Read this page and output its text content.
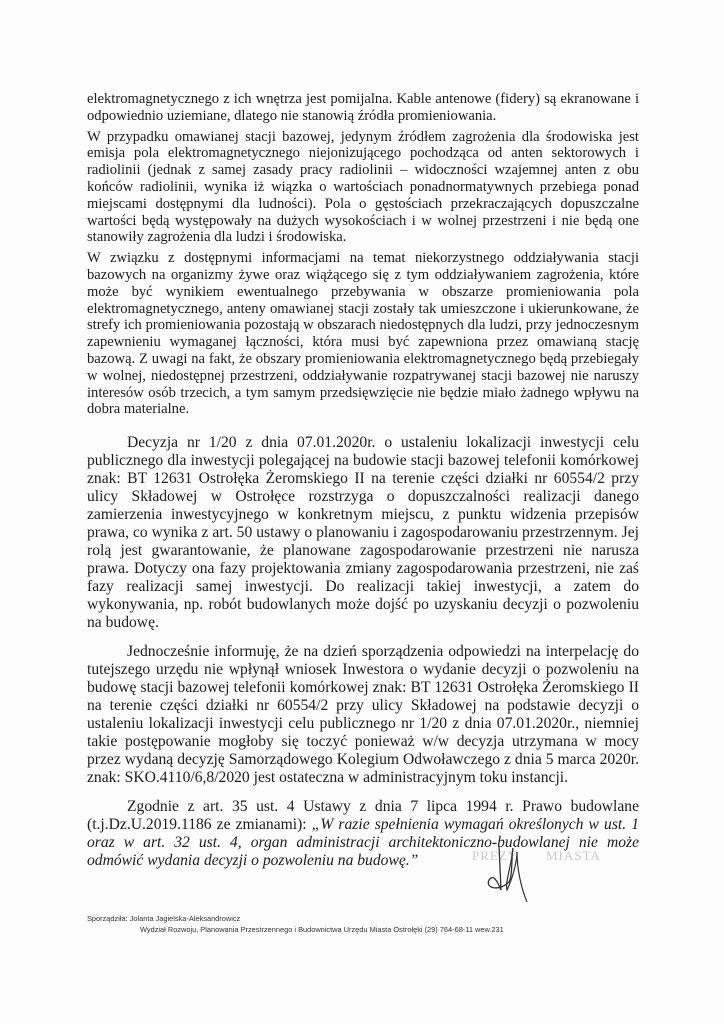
elektromagnetycznego z ich wnętrza jest pomijalna. Kable antenowe (fidery) są ekranowane i odpowiednio uziemiane, dlatego nie stanowią źródła promieniowania.

W przypadku omawianej stacji bazowej, jedynym źródłem zagrożenia dla środowiska jest emisja pola elektromagnetycznego niejonizującego pochodząca od anten sektorowych i radiolinii (jednak z samej zasady pracy radiolinii – widoczności wzajemnej anten z obu końców radiolinii, wynika iż wiązka o wartościach ponadnormatywnych przebiega ponad miejscami dostępnymi dla ludności). Pola o gęstościach przekraczających dopuszczalne wartości będą występowały na dużych wysokościach i w wolnej przestrzeni i nie będą one stanowiły zagrożenia dla ludzi i środowiska.

W związku z dostępnymi informacjami na temat niekorzystnego oddziaływania stacji bazowych na organizmy żywe oraz wiążącego się z tym oddziaływaniem zagrożenia, które może być wynikiem ewentualnego przebywania w obszarze promieniowania pola elektromagnetycznego, anteny omawianej stacji zostały tak umieszczone i ukierunkowane, że strefy ich promieniowania pozostają w obszarach niedostępnych dla ludzi, przy jednoczesnym zapewnieniu wymaganej łączności, która musi być zapewniona przez omawianą stację bazową. Z uwagi na fakt, że obszary promieniowania elektromagnetycznego będą przebiegały w wolnej, niedostępnej przestrzeni, oddziaływanie rozpatrywanej stacji bazowej nie naruszy interesów osób trzecich, a tym samym przedsięwzięcie nie będzie miało żadnego wpływu na dobra materialne.

Decyzja nr 1/20 z dnia 07.01.2020r. o ustaleniu lokalizacji inwestycji celu publicznego dla inwestycji polegającej na budowie stacji bazowej telefonii komórkowej znak: BT 12631 Ostrołęka Żeromskiego II na terenie części działki nr 60554/2 przy ulicy Składowej w Ostrołęce rozstrzyga o dopuszczalności realizacji danego zamierzenia inwestycyjnego w konkretnym miejscu, z punktu widzenia przepisów prawa, co wynika z art. 50 ustawy o planowaniu i zagospodarowaniu przestrzennym. Jej rolą jest gwarantowanie, że planowane zagospodarowanie przestrzeni nie narusza prawa. Dotyczy ona fazy projektowania zmiany zagospodarowania przestrzeni, nie zaś fazy realizacji samej inwestycji. Do realizacji takiej inwestycji, a zatem do wykonywania, np. robót budowlanych może dojść po uzyskaniu decyzji o pozwoleniu na budowę.

Jednocześnie informuję, że na dzień sporządzenia odpowiedzi na interpelację do tutejszego urzędu nie wpłynął wniosek Inwestora o wydanie decyzji o pozwoleniu na budowę stacji bazowej telefonii komórkowej znak: BT 12631 Ostrołęka Żeromskiego II na terenie części działki nr 60554/2 przy ulicy Składowej na podstawie decyzji o ustaleniu lokalizacji inwestycji celu publicznego nr 1/20 z dnia 07.01.2020r., niemniej takie postępowanie mogłoby się toczyć ponieważ w/w decyzja utrzymana w mocy przez wydaną decyzję Samorządowego Kolegium Odwoławczego z dnia 5 marca 2020r. znak: SKO.4110/6,8/2020 jest ostateczna w administracyjnym toku instancji.

Zgodnie z art. 35 ust. 4 Ustawy z dnia 7 lipca 1994 r. Prawo budowlane (t.j.Dz.U.2019.1186 ze zmianami): „W razie spełnienia wymagań określonych w ust. 1 oraz w art. 32 ust. 4, organ administracji architektoniczno-budowlanej nie może odmówić wydania decyzji o pozwoleniu na budowę.”	PREZY MIASTA
Sporządziła: Jolanta Jagielska-Aleksandrowicz
Wydział Rozwoju, Planowania Przestrzennego i Budownictwa Urzędu Miasta Ostrołęki (29) 764-68-11 wew.231
